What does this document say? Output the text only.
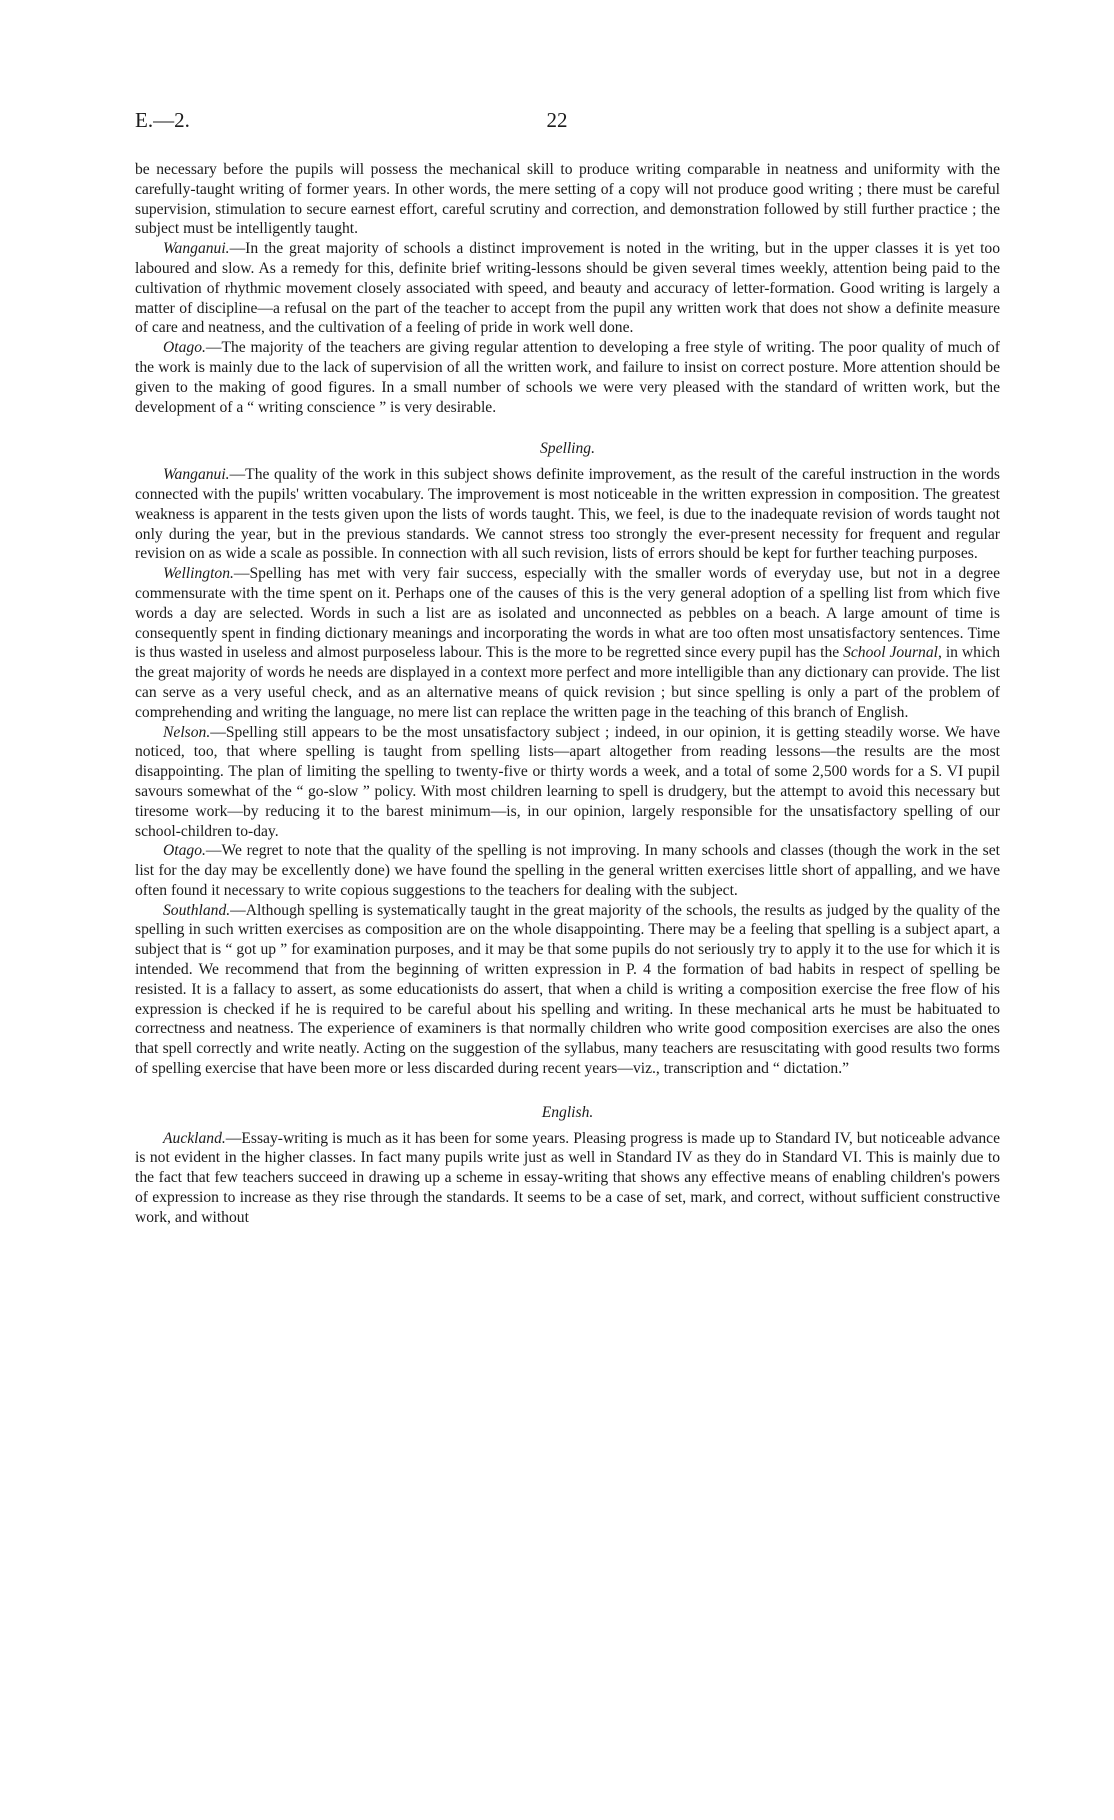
E.—2.	22

be necessary before the pupils will possess the mechanical skill to produce writing comparable in neatness and uniformity with the carefully-taught writing of former years. In other words, the mere setting of a copy will not produce good writing ; there must be careful supervision, stimulation to secure earnest effort, careful scrutiny and correction, and demonstration followed by still further practice ; the subject must be intelligently taught.

Wanganui.—In the great majority of schools a distinct improvement is noted in the writing, but in the upper classes it is yet too laboured and slow. As a remedy for this, definite brief writing-lessons should be given several times weekly, attention being paid to the cultivation of rhythmic movement closely associated with speed, and beauty and accuracy of letter-formation. Good writing is largely a matter of discipline—a refusal on the part of the teacher to accept from the pupil any written work that does not show a definite measure of care and neatness, and the cultivation of a feeling of pride in work well done.

Otago.—The majority of the teachers are giving regular attention to developing a free style of writing. The poor quality of much of the work is mainly due to the lack of supervision of all the written work, and failure to insist on correct posture. More attention should be given to the making of good figures. In a small number of schools we were very pleased with the standard of written work, but the development of a “ writing conscience ” is very desirable.

Spelling.

Wanganui.—The quality of the work in this subject shows definite improvement, as the result of the careful instruction in the words connected with the pupils' written vocabulary. The improvement is most noticeable in the written expression in composition. The greatest weakness is apparent in the tests given upon the lists of words taught. This, we feel, is due to the inadequate revision of words taught not only during the year, but in the previous standards. We cannot stress too strongly the ever-present necessity for frequent and regular revision on as wide a scale as possible. In connection with all such revision, lists of errors should be kept for further teaching purposes.

Wellington.—Spelling has met with very fair success, especially with the smaller words of everyday use, but not in a degree commensurate with the time spent on it. Perhaps one of the causes of this is the very general adoption of a spelling list from which five words a day are selected. Words in such a list are as isolated and unconnected as pebbles on a beach. A large amount of time is consequently spent in finding dictionary meanings and incorporating the words in what are too often most unsatisfactory sentences. Time is thus wasted in useless and almost purposeless labour. This is the more to be regretted since every pupil has the School Journal, in which the great majority of words he needs are displayed in a context more perfect and more intelligible than any dictionary can provide. The list can serve as a very useful check, and as an alternative means of quick revision ; but since spelling is only a part of the problem of comprehending and writing the language, no mere list can replace the written page in the teaching of this branch of English.

Nelson.—Spelling still appears to be the most unsatisfactory subject ; indeed, in our opinion, it is getting steadily worse. We have noticed, too, that where spelling is taught from spelling lists—apart altogether from reading lessons—the results are the most disappointing. The plan of limiting the spelling to twenty-five or thirty words a week, and a total of some 2,500 words for a S. VI pupil savours somewhat of the “ go-slow ” policy. With most children learning to spell is drudgery, but the attempt to avoid this necessary but tiresome work—by reducing it to the barest minimum—is, in our opinion, largely responsible for the unsatisfactory spelling of our school-children to-day.

Otago.—We regret to note that the quality of the spelling is not improving. In many schools and classes (though the work in the set list for the day may be excellently done) we have found the spelling in the general written exercises little short of appalling, and we have often found it necessary to write copious suggestions to the teachers for dealing with the subject.

Southland.—Although spelling is systematically taught in the great majority of the schools, the results as judged by the quality of the spelling in such written exercises as composition are on the whole disappointing. There may be a feeling that spelling is a subject apart, a subject that is “ got up ” for examination purposes, and it may be that some pupils do not seriously try to apply it to the use for which it is intended. We recommend that from the beginning of written expression in P. 4 the formation of bad habits in respect of spelling be resisted. It is a fallacy to assert, as some educationists do assert, that when a child is writing a composition exercise the free flow of his expression is checked if he is required to be careful about his spelling and writing. In these mechanical arts he must be habituated to correctness and neatness. The experience of examiners is that normally children who write good composition exercises are also the ones that spell correctly and write neatly. Acting on the suggestion of the syllabus, many teachers are resuscitating with good results two forms of spelling exercise that have been more or less discarded during recent years—viz., transcription and “ dictation.”

English.

Auckland.—Essay-writing is much as it has been for some years. Pleasing progress is made up to Standard IV, but noticeable advance is not evident in the higher classes. In fact many pupils write just as well in Standard IV as they do in Standard VI. This is mainly due to the fact that few teachers succeed in drawing up a scheme in essay-writing that shows any effective means of enabling children's powers of expression to increase as they rise through the standards. It seems to be a case of set, mark, and correct, without sufficient constructive work, and without
